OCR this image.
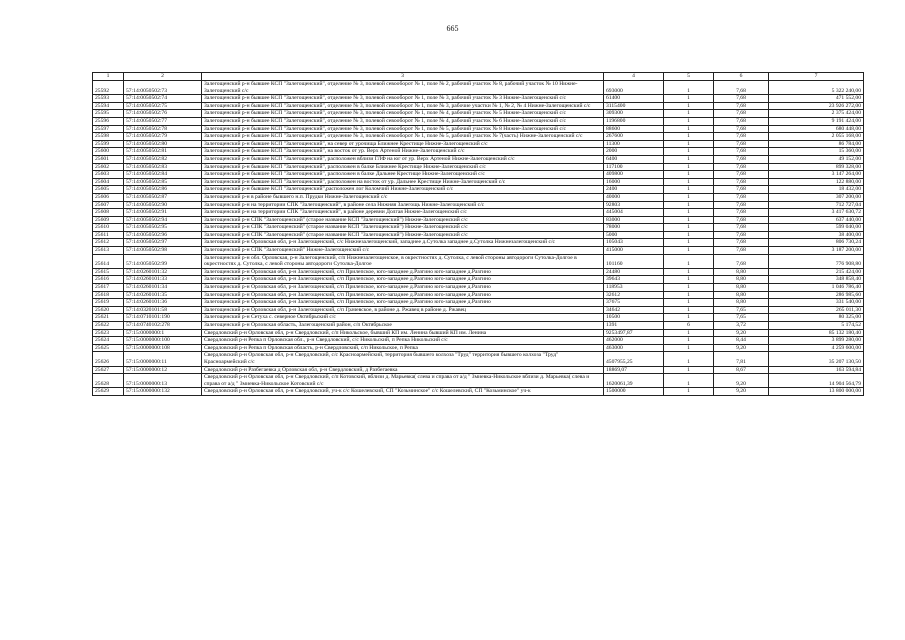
665
1	2	3	4	5	6	7
25592	57:14:0050502:73	Залегощенский р-н бывшее КСП "Залегощенский", отделение № 3, полевой севооборот № 1, поле № 2, рабочий участок № 8, рабочий участок № 10 Нижне-Залегощенский с/с	693000	1	7,68	5 322 240,00
25593	57:14:0050502:74	Залегощенский р-н бывшее КСП "Залегощенский", отделение № 3, полевой севооборот № 1, поле № 3, рабочий участок № 3 Нижне-Залегощенский с/с	61400	1	7,68	471 552,00
25594	57:14:0050502:75	Залегощенский р-н бывшее КСП "Залегощенский", отделение № 3, полевой севооборот № 1, поле № 3, рабочие участки № 1, № 2, № 4 Нижне-Залегощенский с/с	3115400	1	7,68	23 926 272,00
25595	57:14:0050502:76	Залегощенский р-н бывшее КСП "Залегощенский", отделение № 3, полевой севооборот № 1, поле № 4, рабочий участок № 5 Нижне-Залегощенский с/с	309300	1	7,68	2 375 424,00
25596	57:14:0050502:77	Залегощенский р-н бывшее КСП "Залегощенский", отделение № 3, полевой севооборот № 1, поле № 4, рабочий участок № 6 Нижне-Залегощенский с/с	1196800	1	7,68	9 191 424,00
25597	57:14:0050502:78	Залегощенский р-н бывшее КСП "Залегощенский", отделение № 3, полевой севооборот № 1, поле № 5, рабочий участок № 8 Нижне-Залегощенский с/с	88600	1	7,68	680 448,00
25598	57:14:0050502:79	Залегощенский р-н бывшее КСП "Залегощенский", отделение № 3, полевой севооборот № 1, поле № 5, рабочий участок № 7(часть) Нижне-Залегощенский с/с	267600	1	7,68	2 055 168,00
25599	57:14:0050502:80	Залегощенский р-н бывшее КСП "Залегощенский", на север от урочища Ближнее Крестище Нижне-Залегощенский с/с	11300	1	7,68	86 784,00
25600	57:14:0050502:81	Залегощенский р-н бывшее КСП "Залегощенский", на восток от ур. Верх Артеной Нижне-Залегощенский с/с	2000	1	7,68	15 360,00
25601	57:14:0050502:82	Залегощенский р-н бывшее КСП "Залегощенский", расположен вблизи ГЛФ на юг от ур. Верх Артеной Нижне-Залегощенский с/с	6400	1	7,68	49 152,00
25602	57:14:0050502:83	Залегощенский р-н бывшее КСП "Залегощенский", расположен в балке Ближнее Крестище Нижне-Залегощенский с/с	117100	1	7,68	899 328,00
25603	57:14:0050502:84	Залегощенский р-н бывшее КСП "Залегощенский", расположен в балке Дальнее Крестище Нижне-Залегощенский с/с	409800	1	7,68	3 147 264,00
25604	57:14:0050502:85	Залегощенский р-н бывшее КСП "Залегощенский", расположен на восток от ур. Дальнее Крестище Нижне-Залегощенский с/с	16000	1	7,68	122 880,00
25605	57:14:0050502:86	Залегощенский р-н бывшее КСП "Залегощенский",расположен лог Коломчий Нижне-Залегощенский с/с	2400	1	7,68	18 432,00
25606	57:14:0050502:87	Залегощенский р-н в районе бывшего н.п. Прудки Нижне-Залегощенский с/с	40000	1	7,68	307 200,00
25607	57:14:0050502:90	Залегощенский р-н на территории СПК "Залегощенский", в районе села Нижняя Залегощь Нижне-Залегощенский с/с	92803	1	7,68	712 727,04
25608	57:14:0050502:91	Залегощенский р-н на территории СПК "Залегощенский", в районе деревни Долгая Нижне-Залегощенский с/с	445004	1	7,68	3 417 630,72
25609	57:14:0050502:94	Залегощенский р-н СПК "Залегощенский" (старое название КСП "Залегощенский") Нижне-Залегощенский с/с	83000	1	7,68	637 440,00
25610	57:14:0050502:95	Залегощенский р-н СПК "Залегощенский" (старое название КСП "Залегощенский") Нижне-Залегощенский с/с	78000	1	7,68	599 040,00
25611	57:14:0050502:96	Залегощенский р-н СПК "Залегощенский" (старое название КСП "Залегощенский") Нижне-Залегощенский с/с	5000	1	7,68	38 400,00
25612	57:14:0050502:97	Залегощенский р-н Орловская обл, р-н Залегощенский, с/с Нижнезалегощенский, западнее д.Сутолка западнее д.Сутолка Нижнезалегощенский с/с	105043	1	7,68	806 730,24
25613	57:14:0050502:98	Залегощенский р-н СПК "Залегощенский" Нижне-Залегощенский с/с	415000	1	7,68	3 187 200,00
25614	57:14:0050502:99	Залегощенский р-н обл. Орловская, р-н Залегощенский, с/п Нижнезалегощенское, в окрестностях д. Сутолка, с левой стороны автодороги Сутолка-Долгое в окрестностях д. Сутолка, с левой стороны автодороги Сутолка-Долгое	101160	1	7,68	776 908,80
25615	57:14:0260101:32	Залегощенский р-н Орловская обл, р-н Залегощенский, с/п Прилепское, юго-западнее д.Разгино юго-западнее д.Разгино	24480	1	8,80	215 424,00
25616	57:14:0260101:33	Залегощенский р-н Орловская обл, р-н Залегощенский, с/п Прилепское, юго-западнее д.Разгино юго-западнее д.Разгино	39643	1	8,80	348 858,40
25617	57:14:0260101:34	Залегощенский р-н Орловская обл, р-н Залегощенский, с/п Прилепское, юго-западнее д.Разгино юго-западнее д.Разгино	118953	1	8,80	1 046 786,40
25618	57:14:0260101:35	Залегощенский р-н Орловская обл, р-н Залегощенский, с/п Прилепское, юго-западнее д.Разгино юго-западнее д.Разгино	32612	1	8,80	286 985,60
25619	57:14:0260101:36	Залегощенский р-н Орловская обл, р-н Залегощенский, с/п Прилепское, юго-западнее д.Разгино юго-западнее д.Разгино	37675	1	8,80	331 540,00
25620	57:14:0320101:58	Залегощенский р-н Орловская обл, р-н Залегощенский, с/п Грачевское, в районе д. Ржавец в районе д. Ржавец	34642	1	7,65	265 011,30
25621	57:14:0710101:190	Залегощенский р-н Сетуха с. северное Октябрьский с/с	10500	1	7,65	80 325,00
25622	57:14:0740102:278	Залегощенский р-н Орловская область, Залегощенский район, с/п Октябрьское	1391	6	3,72	5 174,52
25623	57:15:0000000:1	Свердловский р-н Орловская обл, р-н Свердловский, с/п Никольское, бывший КП им. Ленина бывший КП им. Ленина	9253497,87	1	9,20	85 132 180,40
25624	57:15:0000000:100	Свердловский р-н Репка п Орловская обл., р-н Свердловский, с/с Никольский, п Репка Никольский с/с	462000	1	8,44	3 899 280,00
25625	57:15:0000000:108	Свердловский р-н Репка п Орловская область, р-н Свердловский, с/п Никольское, п Репка	463000	1	9,20	4 259 600,00
25626	57:15:0000000:11	Свердловский р-н Орловская обл, р-н Свердловский, с/с Красноармейский, территория бывшего колхоза "Труд" территория бывшего колхоза "Труд" Красноармейский с/с	4507955,25	1	7,81	35 207 130,50
25627	57:15:0000000:12	Свердловский р-н Разбегаевка д Орловская обл, р-н Свердловский, д Разбегаевка	18869,07	1	8,67	163 594,84
25628	57:15:0000000:13	Свердловский р-н Орловская обл, р-н Свердловский, с/п Котовский, вблизи д. Марьевка( слева и справа от а/д " Змиевка-Никольское вблизи д. Марьевка( слева и справа от а/д " Змиевка-Никольское Котовский с/с	1620061,39	1	9,20	14 904 564,79
25629	57:15:0000000:132	Свердловский р-н Орловская обл, р-н Свердловский, уч-к с/с Кошелевский, СП "Козьминское" с/с Кошелевский, СП "Козьминское" уч-к	1500000	1	9,20	13 800 000,00
